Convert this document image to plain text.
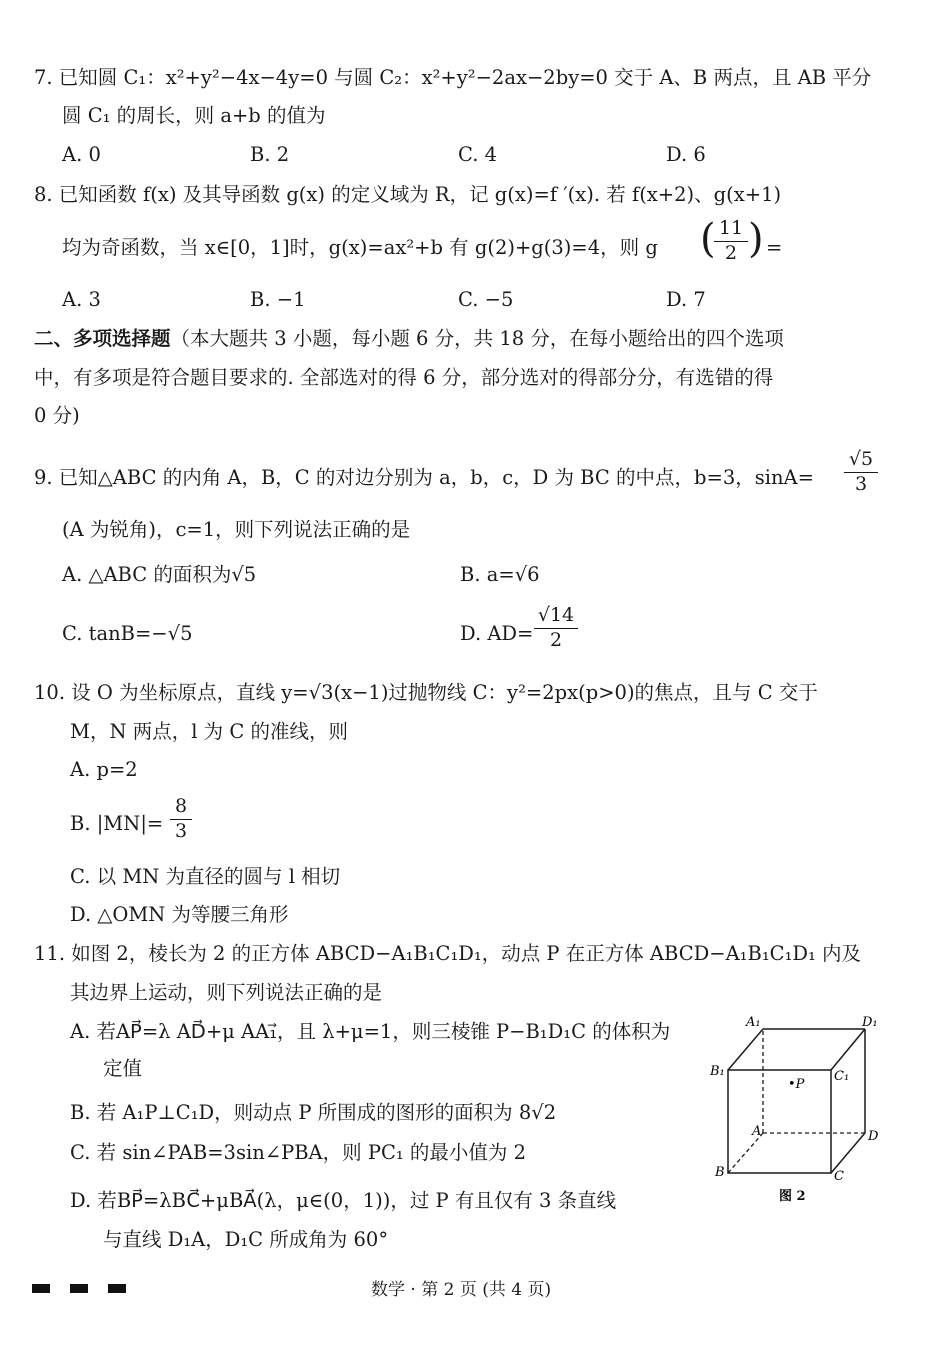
7. 已知圆 C₁：x²+y²−4x−4y=0 与圆 C₂：x²+y²−2ax−2by=0 交于 A、B 两点，且 AB 平分
圆 C₁ 的周长，则 a+b 的值为
A. 0	B. 2	C. 4	D. 6
8. 已知函数 f(x) 及其导函数 g(x) 的定义域为 R，记 g(x)=f ′(x). 若 f(x+2)、g(x+1)
均为奇函数，当 x∈[0，1]时，g(x)=ax²+b 有 g(2)+g(3)=4，则 g (
$\frac{11}{2}$ ) =
A. 3	B. −1	C. −5	D. 7
二、多项选择题（本大题共 3 小题，每小题 6 分，共 18 分，在每小题给出的四个选项
中，有多项是符合题目要求的. 全部选对的得 6 分，部分选对的得部分分，有选错的得
0 分)
9. 已知△ABC 的内角 A，B，C 的对边分别为 a，b，c，D 为 BC 的中点，b=3，$\sin A= \frac{√5}{3}$
(A 为锐角)，c=1，则下列说法正确的是
A. △ABC 的面积为√5	B. a=√6
C. tanB=−√5	D. $AD= \frac{√14}{2}$
10. 设 O 为坐标原点，直线 y=√3(x−1)过抛物线 C：y²=2px(p>0)的焦点，且与 C 交于
M，N 两点，l 为 C 的准线，则
A. p=2
B. $|MN|= \frac{8}{3}$
C. 以 MN 为直径的圆与 l 相切
D. △OMN 为等腰三角形
11. 如图 2，棱长为 2 的正方体 ABCD−A₁B₁C₁D₁，动点 P 在正方体 ABCD−A₁B₁C₁D₁ 内及
其边界上运动，则下列说法正确的是
A. 若AP⃗=λ AD⃗+μ AA₁⃗，且 λ+μ=1，则三棱锥 P−B₁D₁C 的体积为
定值
B. 若 A₁P⊥C₁D，则动点 P 所围成的图形的面积为 8√2
C. 若 sin∠PAB=3sin∠PBA，则 PC₁ 的最小值为 2
D. 若BP⃗=λBC⃗+μBA⃗(λ，μ∈(0，1))，过 P 有且仅有 3 条直线
与直线 D₁A，D₁C 所成角为 60°
A₁	D₁
B₁	C₁
A	D
B	C
•P
图 2
数学 · 第 2 页 (共 4 页)
